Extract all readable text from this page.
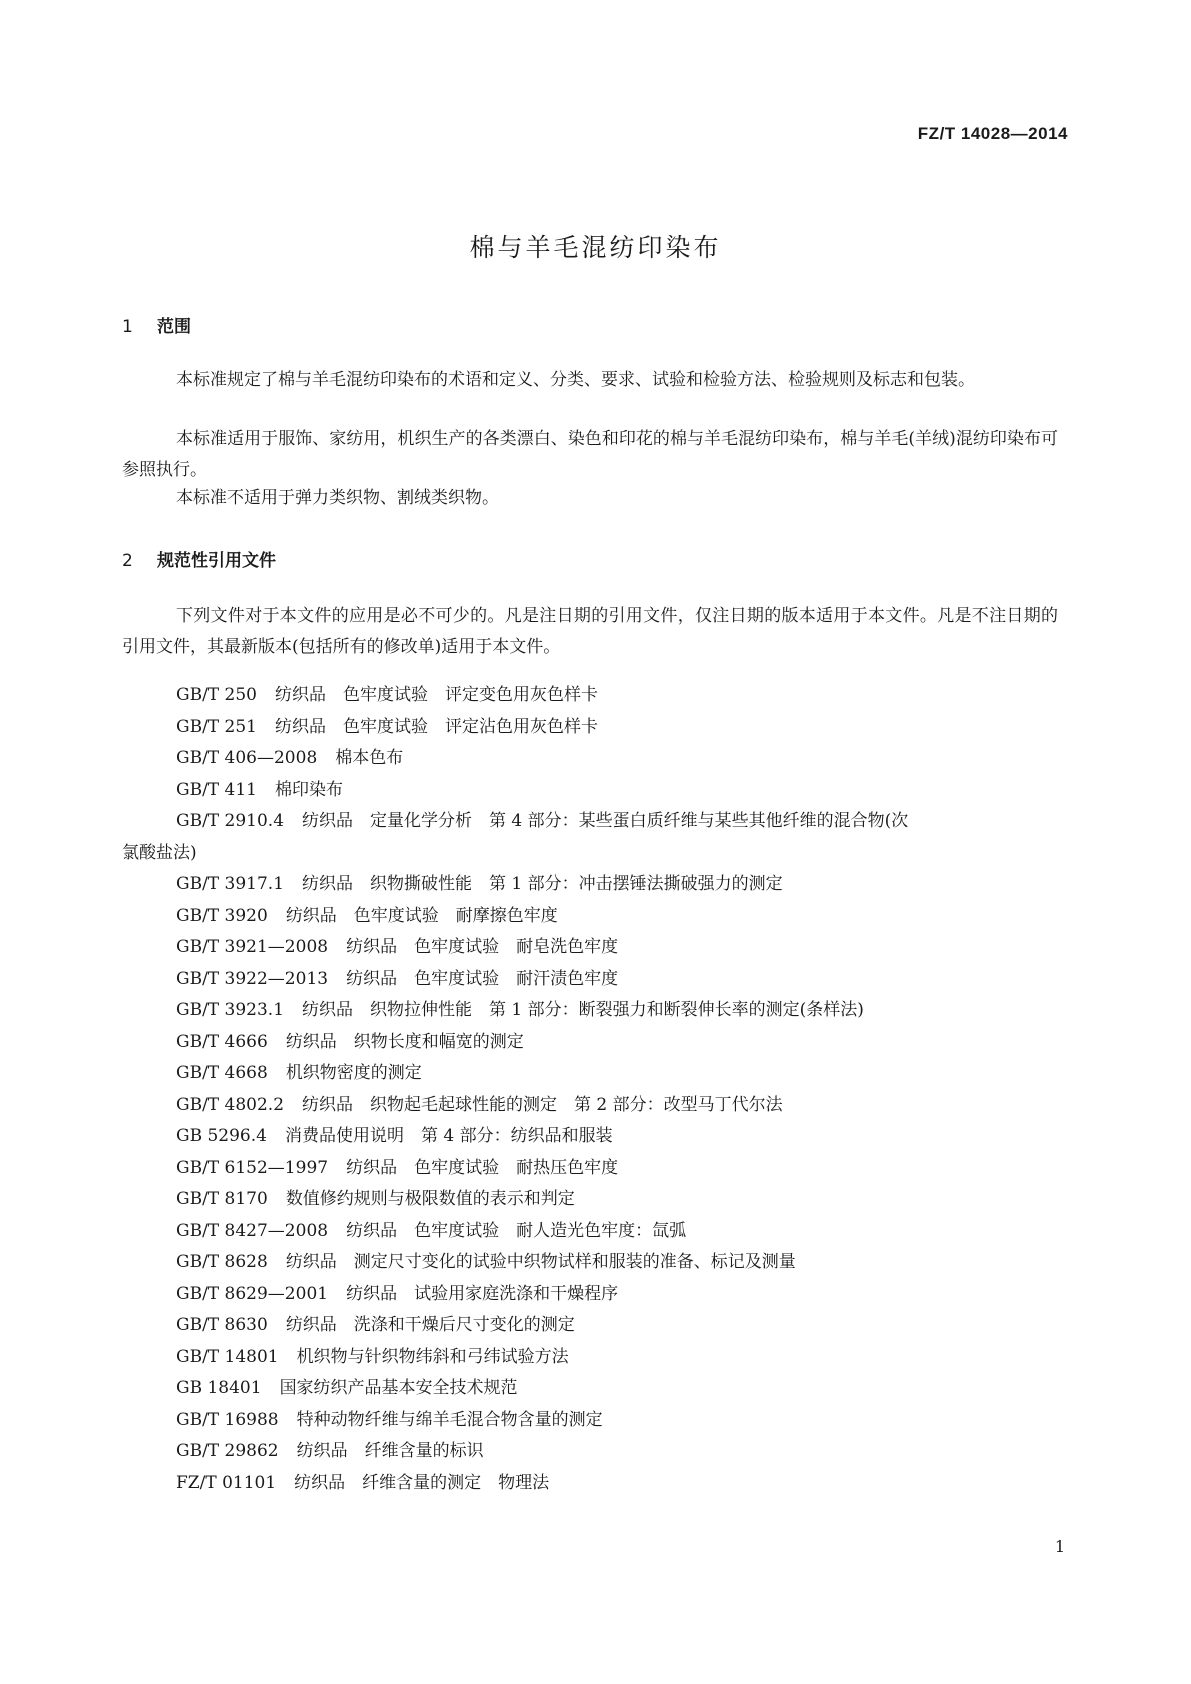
FZ/T 14028—2014
棉与羊毛混纺印染布
1 范围
本标准规定了棉与羊毛混纺印染布的术语和定义、分类、要求、试验和检验方法、检验规则及标志和包装。
本标准适用于服饰、家纺用，机织生产的各类漂白、染色和印花的棉与羊毛混纺印染布，棉与羊毛(羊绒)混纺印染布可参照执行。
本标准不适用于弹力类织物、割绒类织物。
2 规范性引用文件
下列文件对于本文件的应用是必不可少的。凡是注日期的引用文件，仅注日期的版本适用于本文件。凡是不注日期的引用文件，其最新版本(包括所有的修改单)适用于本文件。
GB/T 250 纺织品　色牢度试验　评定变色用灰色样卡
GB/T 251 纺织品　色牢度试验　评定沾色用灰色样卡
GB/T 406—2008 棉本色布
GB/T 411 棉印染布
GB/T 2910.4 纺织品　定量化学分析　第 4 部分：某些蛋白质纤维与某些其他纤维的混合物(次
氯酸盐法)
GB/T 3917.1 纺织品　织物撕破性能　第 1 部分：冲击摆锤法撕破强力的测定
GB/T 3920 纺织品　色牢度试验　耐摩擦色牢度
GB/T 3921—2008 纺织品　色牢度试验　耐皂洗色牢度
GB/T 3922—2013 纺织品　色牢度试验　耐汗渍色牢度
GB/T 3923.1 纺织品　织物拉伸性能　第 1 部分：断裂强力和断裂伸长率的测定(条样法)
GB/T 4666 纺织品　织物长度和幅宽的测定
GB/T 4668 机织物密度的测定
GB/T 4802.2 纺织品　织物起毛起球性能的测定　第 2 部分：改型马丁代尔法
GB 5296.4 消费品使用说明　第 4 部分：纺织品和服装
GB/T 6152—1997 纺织品　色牢度试验　耐热压色牢度
GB/T 8170 数值修约规则与极限数值的表示和判定
GB/T 8427—2008 纺织品　色牢度试验　耐人造光色牢度：氙弧
GB/T 8628 纺织品　测定尺寸变化的试验中织物试样和服装的准备、标记及测量
GB/T 8629—2001 纺织品　试验用家庭洗涤和干燥程序
GB/T 8630 纺织品　洗涤和干燥后尺寸变化的测定
GB/T 14801 机织物与针织物纬斜和弓纬试验方法
GB 18401 国家纺织产品基本安全技术规范
GB/T 16988 特种动物纤维与绵羊毛混合物含量的测定
GB/T 29862 纺织品　纤维含量的标识
FZ/T 01101 纺织品　纤维含量的测定　物理法
1
